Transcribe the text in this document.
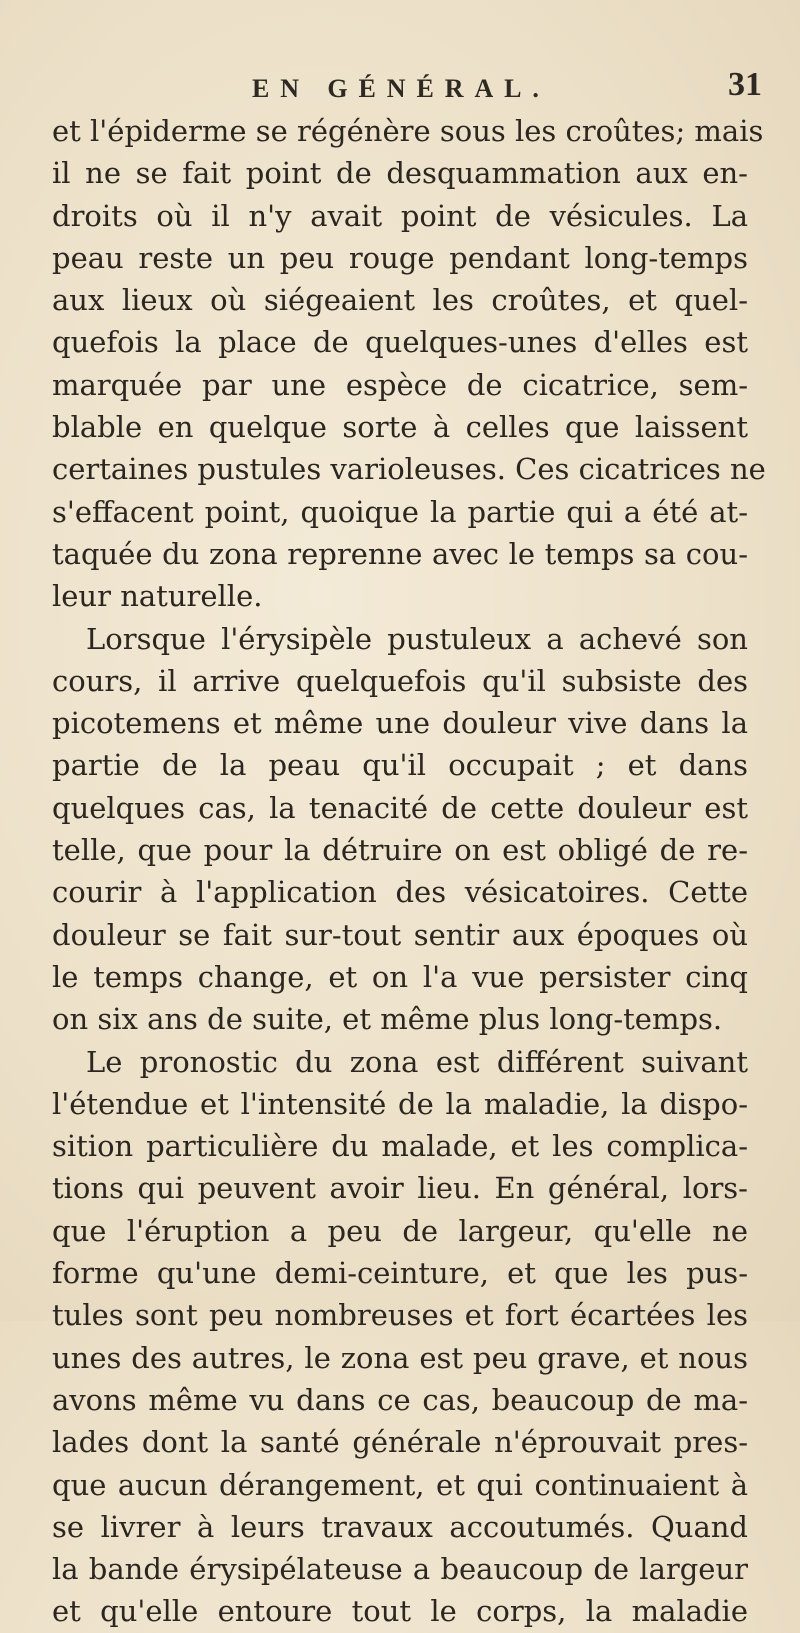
EN GÉNÉRAL.	31
et l'épiderme se régénère sous les croûtes; mais
il ne se fait point de desquammation aux en-
droits où il n'y avait point de vésicules. La
peau reste un peu rouge pendant long-temps
aux lieux où siégeaient les croûtes, et quel-
quefois la place de quelques-unes d'elles est
marquée par une espèce de cicatrice, sem-
blable en quelque sorte à celles que laissent
certaines pustules varioleuses. Ces cicatrices ne
s'effacent point, quoique la partie qui a été at-
taquée du zona reprenne avec le temps sa cou-
leur naturelle.
Lorsque l'érysipèle pustuleux a achevé son
cours, il arrive quelquefois qu'il subsiste des
picotemens et même une douleur vive dans la
partie de la peau qu'il occupait ; et dans
quelques cas, la tenacité de cette douleur est
telle, que pour la détruire on est obligé de re-
courir à l'application des vésicatoires. Cette
douleur se fait sur-tout sentir aux époques où
le temps change, et on l'a vue persister cinq
on six ans de suite, et même plus long-temps.
Le pronostic du zona est différent suivant
l'étendue et l'intensité de la maladie, la dispo-
sition particulière du malade, et les complica-
tions qui peuvent avoir lieu. En général, lors-
que l'éruption a peu de largeur, qu'elle ne
forme qu'une demi-ceinture, et que les pus-
tules sont peu nombreuses et fort écartées les
unes des autres, le zona est peu grave, et nous
avons même vu dans ce cas, beaucoup de ma-
lades dont la santé générale n'éprouvait pres-
que aucun dérangement, et qui continuaient à
se livrer à leurs travaux accoutumés. Quand
la bande érysipélateuse a beaucoup de largeur
et qu'elle entoure tout le corps, la maladie
